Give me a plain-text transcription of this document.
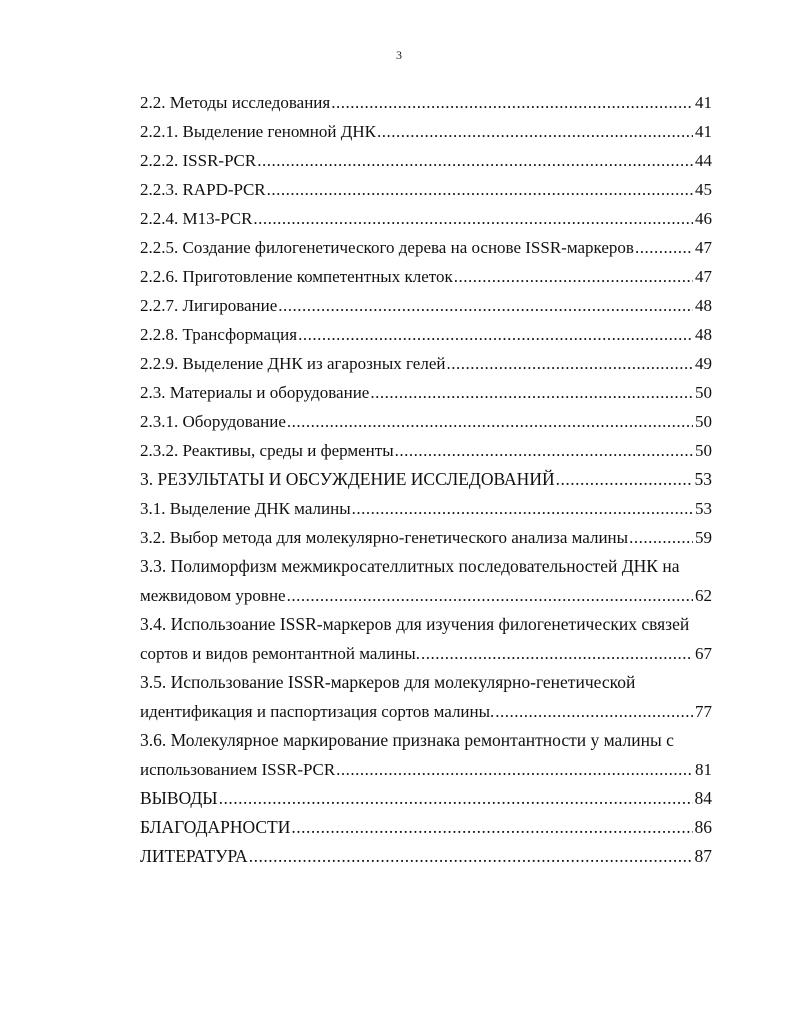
3
2.2. Методы исследования .....	41
2.2.1. Выделение геномной ДНК .....	41
2.2.2. ISSR-PCR .....	44
2.2.3. RAPD-PCR .....	45
2.2.4. M13-PCR .....	46
2.2.5. Создание филогенетического дерева на основе ISSR-маркеров .....	47
2.2.6. Приготовление компетентных клеток .....	47
2.2.7. Лигирование .....	48
2.2.8. Трансформация .....	48
2.2.9. Выделение ДНК из агарозных гелей .....	49
2.3. Материалы и оборудование .....	50
2.3.1. Оборудование .....	50
2.3.2. Реактивы, среды и ферменты .....	50
3. РЕЗУЛЬТАТЫ И ОБСУЖДЕНИЕ ИССЛЕДОВАНИЙ .....	53
3.1. Выделение ДНК малины .....	53
3.2. Выбор метода для молекулярно-генетического анализа малины .....	59
3.3. Полиморфизм межмикросателлитных последовательностей ДНК на
межвидовом уровне .....	62
3.4. Использоание ISSR-маркеров для изучения филогенетических связей
сортов и видов ремонтантной малины. .....	67
3.5. Использование ISSR-маркеров для молекулярно-генетической
идентификация и паспортизация сортов малины. .....	77
3.6. Молекулярное маркирование признака ремонтантности у малины с
использованием ISSR-PCR .....	81
ВЫВОДЫ .....	84
БЛАГОДАРНОСТИ .....	86
ЛИТЕРАТУРА .....	87
